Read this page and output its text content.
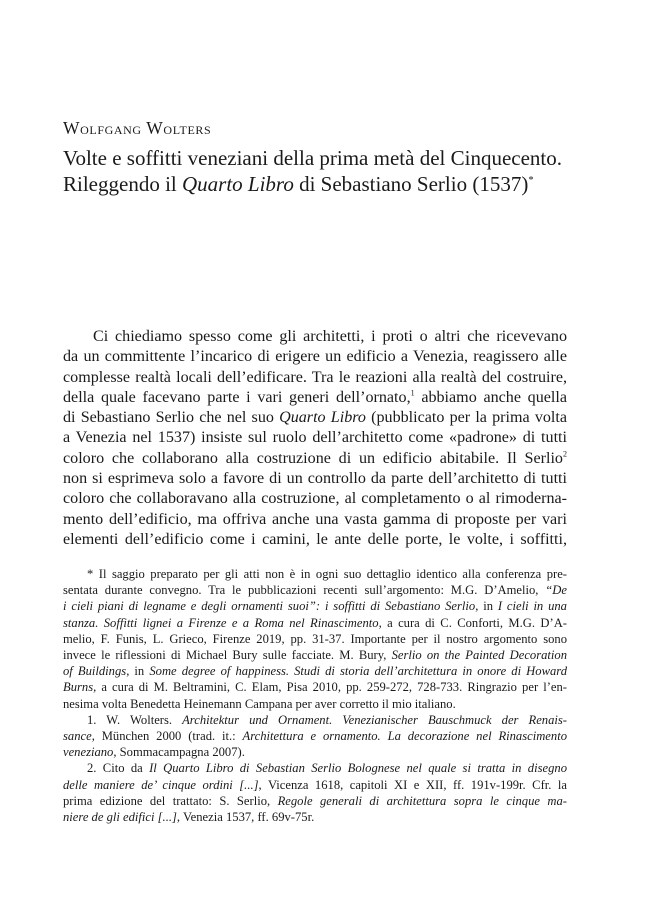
Wolfgang Wolters
Volte e soffitti veneziani della prima metà del Cinquecento.
Rileggendo il Quarto Libro di Sebastiano Serlio (1537)*
Ci chiediamo spesso come gli architetti, i proti o altri che ricevevano
da un committente l’incarico di erigere un edificio a Venezia, reagissero alle
complesse realtà locali dell’edificare. Tra le reazioni alla realtà del costruire,
della quale facevano parte i vari generi dell’ornato,$^1$ abbiamo anche quella
di Sebastiano Serlio che nel suo Quarto Libro (pubblicato per la prima volta
a Venezia nel 1537) insiste sul ruolo dell’architetto come «padrone» di tutti
coloro che collaborano alla costruzione di un edificio abitabile. Il Serlio$^2$
non si esprimeva solo a favore di un controllo da parte dell’architetto di tutti
coloro che collaboravano alla costruzione, al completamento o al rimoderna-
mento dell’edificio, ma offriva anche una vasta gamma di proposte per vari
elementi dell’edificio come i camini, le ante delle porte, le volte, i soffitti,
* Il saggio preparato per gli atti non è in ogni suo dettaglio identico alla conferenza pre-
sentata durante convegno. Tra le pubblicazioni recenti sull’argomento: M.G. D’Amelio, “De
i cieli piani di legname e degli ornamenti suoi”: i soffitti di Sebastiano Serlio, in I cieli in una
stanza. Soffitti lignei a Firenze e a Roma nel Rinascimento, a cura di C. Conforti, M.G. D’A-
melio, F. Funis, L. Grieco, Firenze 2019, pp. 31-37. Importante per il nostro argomento sono
invece le riflessioni di Michael Bury sulle facciate. M. Bury, Serlio on the Painted Decoration
of Buildings, in Some degree of happiness. Studi di storia dell’architettura in onore di Howard
Burns, a cura di M. Beltramini, C. Elam, Pisa 2010, pp. 259-272, 728-733. Ringrazio per l’en-
nesima volta Benedetta Heinemann Campana per aver corretto il mio italiano.
1. W. Wolters. Architektur und Ornament. Venezianischer Bauschmuck der Renais-
sance, München 2000 (trad. it.: Architettura e ornamento. La decorazione nel Rinascimento
veneziano, Sommacampagna 2007).
2. Cito da Il Quarto Libro di Sebastian Serlio Bolognese nel quale si tratta in disegno
delle maniere de’ cinque ordini [...], Vicenza 1618, capitoli XI e XII, ff. 191v-199r. Cfr. la
prima edizione del trattato: S. Serlio, Regole generali di architettura sopra le cinque ma-
niere de gli edifici [...], Venezia 1537, ff. 69v-75r.
